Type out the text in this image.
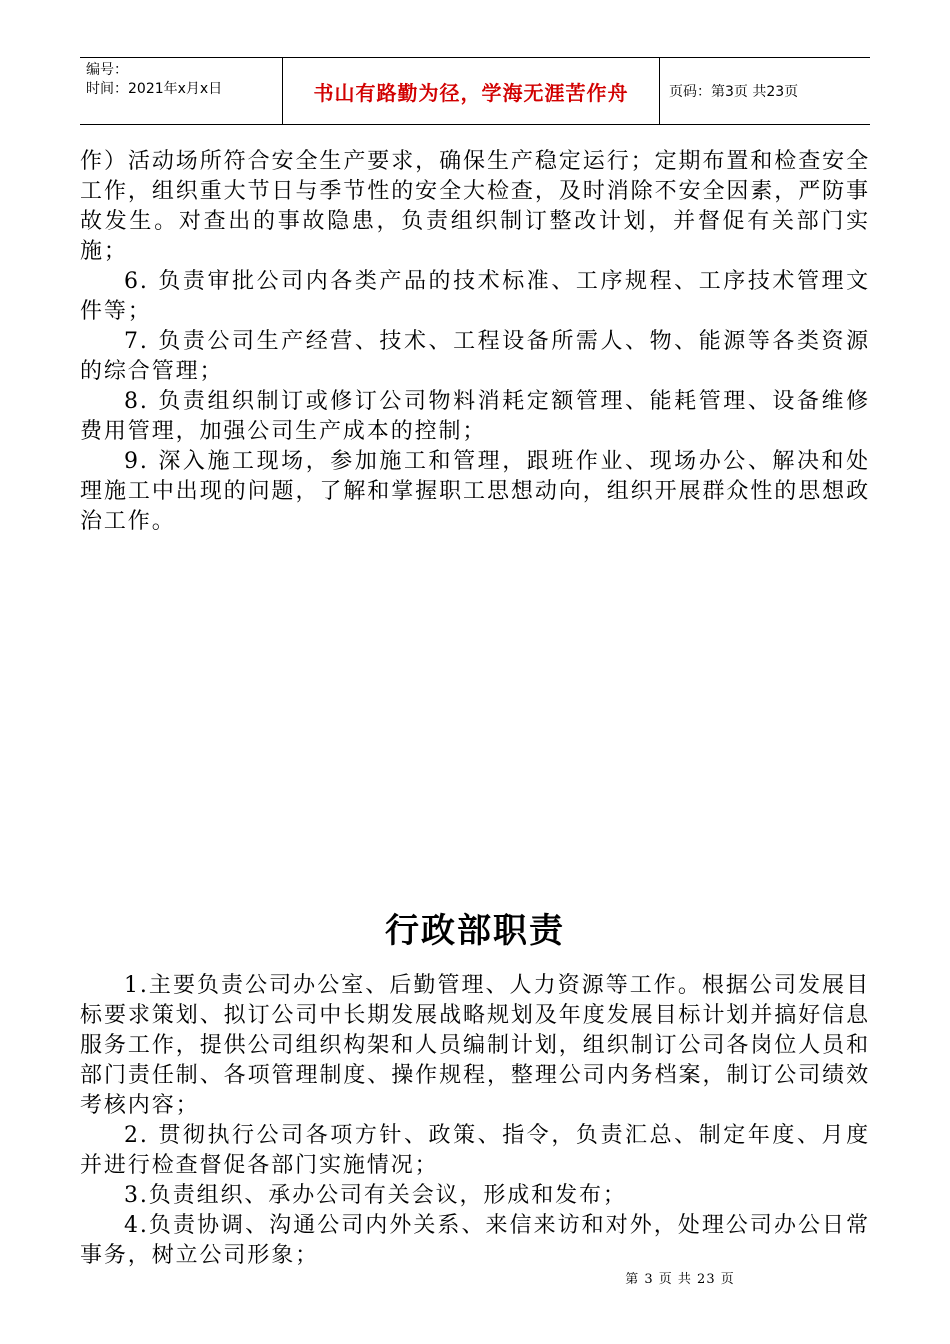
编号：
时间：2021年x月x日	书山有路勤为径，学海无涯苦作舟	页码：第3页 共23页

作）活动场所符合安全生产要求，确保生产稳定运行；定期布置和检查安全工作，组织重大节日与季节性的安全大检查，及时消除不安全因素，严防事故发生。对查出的事故隐患，负责组织制订整改计划，并督促有关部门实施；

6. 负责审批公司内各类产品的技术标准、工序规程、工序技术管理文件等；

7. 负责公司生产经营、技术、工程设备所需人、物、能源等各类资源的综合管理；

8. 负责组织制订或修订公司物料消耗定额管理、能耗管理、设备维修费用管理，加强公司生产成本的控制；

9. 深入施工现场，参加施工和管理，跟班作业、现场办公、解决和处理施工中出现的问题，了解和掌握职工思想动向，组织开展群众性的思想政治工作。

行政部职责

1.主要负责公司办公室、后勤管理、人力资源等工作。根据公司发展目标要求策划、拟订公司中长期发展战略规划及年度发展目标计划并搞好信息服务工作，提供公司组织构架和人员编制计划，组织制订公司各岗位人员和部门责任制、各项管理制度、操作规程，整理公司内务档案，制订公司绩效考核内容；

2. 贯彻执行公司各项方针、政策、指令，负责汇总、制定年度、月度并进行检查督促各部门实施情况；

3.负责组织、承办公司有关会议，形成和发布；

4.负责协调、沟通公司内外关系、来信来访和对外，处理公司办公日常事务，树立公司形象；

第 3 页 共 23 页
